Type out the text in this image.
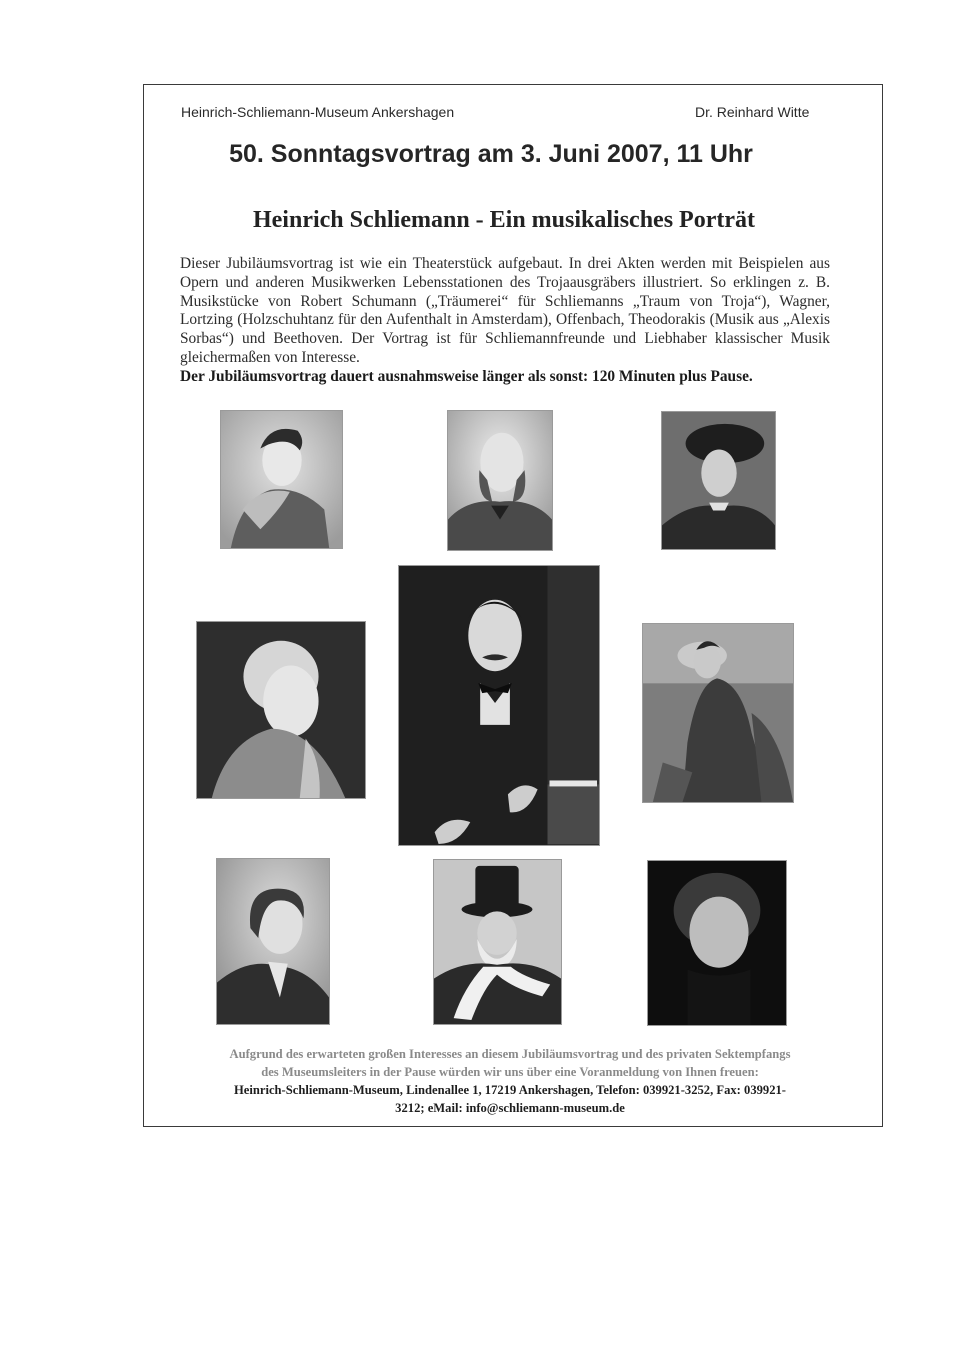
Heinrich-Schliemann-Museum Ankershagen	Dr. Reinhard Witte
50. Sonntagsvortrag am 3. Juni 2007, 11 Uhr
Heinrich Schliemann - Ein musikalisches Porträt

Dieser Jubiläumsvortrag ist wie ein Theaterstück aufgebaut. In drei Akten werden mit Beispielen aus Opern und anderen Musikwerken Lebensstationen des Trojaausgräbers illustriert. So erklingen z. B. Musikstücke von Robert Schumann („Träumerei“ für Schliemanns „Traum von Troja“), Wagner, Lortzing (Holzschuhtanz für den Aufenthalt in Amsterdam), Offenbach, Theodorakis (Musik aus „Alexis Sorbas“) und Beethoven. Der Vortrag ist für Schliemannfreunde und Liebhaber klassischer Musik gleichermaßen von Interesse.

Der Jubiläumsvortrag dauert ausnahmsweise länger als sonst: 120 Minuten plus Pause.

Aufgrund des erwarteten großen Interesses an diesem Jubiläumsvortrag und des privaten Sektempfangs
des Museumsleiters in der Pause würden wir uns über eine Voranmeldung von Ihnen freuen:
Heinrich-Schliemann-Museum, Lindenallee 1, 17219 Ankershagen, Telefon: 039921-3252, Fax: 039921-
3212; eMail: info@schliemann-museum.de
